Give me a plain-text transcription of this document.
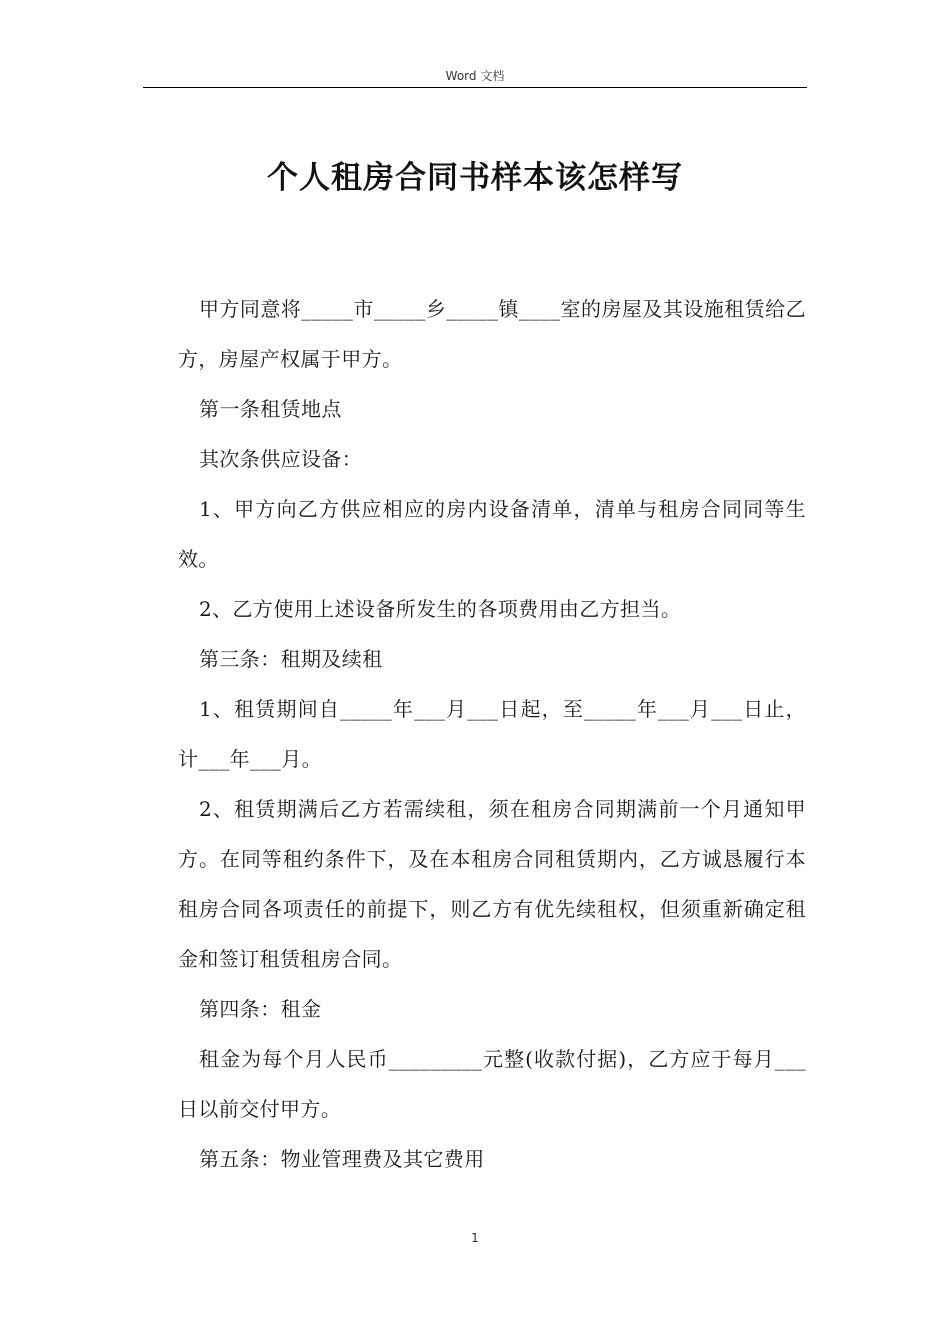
Word 文档
个人租房合同书样本该怎样写

甲方同意将_____市_____乡_____镇____室的房屋及其设施租赁给乙方，房屋产权属于甲方。

第一条租赁地点

其次条供应设备：

1、甲方向乙方供应相应的房内设备清单，清单与租房合同同等生效。

2、乙方使用上述设备所发生的各项费用由乙方担当。

第三条：租期及续租

1、租赁期间自_____年___月___日起，至_____年___月___日止，计___年___月。

2、租赁期满后乙方若需续租，须在租房合同期满前一个月通知甲方。在同等租约条件下，及在本租房合同租赁期内，乙方诚恳履行本租房合同各项责任的前提下，则乙方有优先续租权，但须重新确定租金和签订租赁租房合同。

第四条：租金

租金为每个月人民币_________元整(收款付据)，乙方应于每月___日以前交付甲方。

第五条：物业管理费及其它费用

1
